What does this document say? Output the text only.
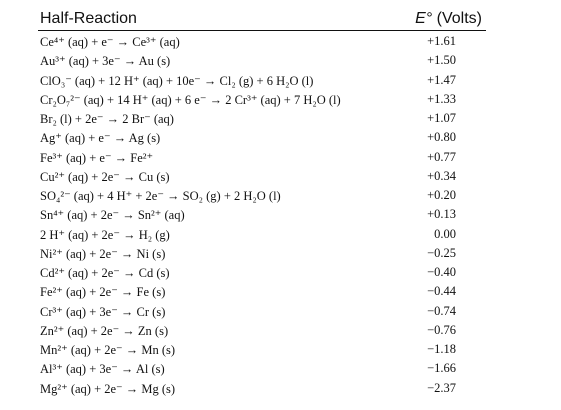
Half-Reaction	E° (Volts)
Ce⁴⁺ (aq) + e⁻ → Ce³⁺ (aq)	+1.61
Au³⁺ (aq) + 3e⁻ → Au (s)	+1.50
ClO₃⁻ (aq) + 12 H⁺ (aq) + 10e⁻ → Cl₂ (g) + 6 H₂O (l)	+1.47
Cr₂O₇²⁻ (aq) + 14 H⁺ (aq) + 6 e⁻ → 2 Cr³⁺ (aq) + 7 H₂O (l)	+1.33
Br₂ (l) + 2e⁻ → 2 Br⁻ (aq)	+1.07
Ag⁺ (aq) + e⁻ → Ag (s)	+0.80
Fe³⁺ (aq) + e⁻ → Fe²⁺	+0.77
Cu²⁺ (aq) + 2e⁻ → Cu (s)	+0.34
SO₄²⁻ (aq) + 4 H⁺ + 2e⁻ → SO₂ (g) + 2 H₂O (l)	+0.20
Sn⁴⁺ (aq) + 2e⁻ → Sn²⁺ (aq)	+0.13
2 H⁺ (aq) + 2e⁻ → H₂ (g)	0.00
Ni²⁺ (aq) + 2e⁻ → Ni (s)	−0.25
Cd²⁺ (aq) + 2e⁻ → Cd (s)	−0.40
Fe²⁺ (aq) + 2e⁻ → Fe (s)	−0.44
Cr³⁺ (aq) + 3e⁻ → Cr (s)	−0.74
Zn²⁺ (aq) + 2e⁻ → Zn (s)	−0.76
Mn²⁺ (aq) + 2e⁻ → Mn (s)	−1.18
Al³⁺ (aq) + 3e⁻ → Al (s)	−1.66
Mg²⁺ (aq) + 2e⁻ → Mg (s)	−2.37
